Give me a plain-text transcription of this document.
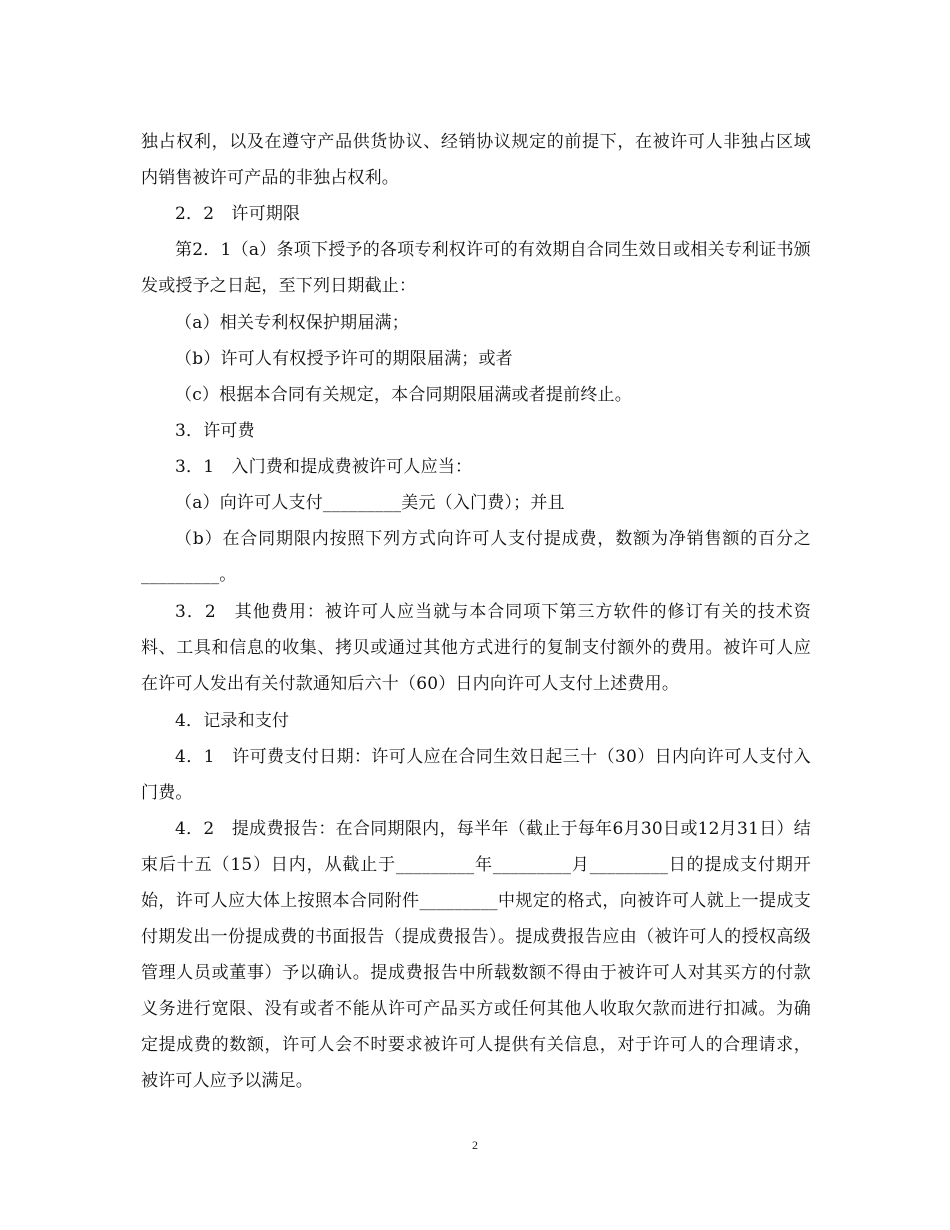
独占权利，以及在遵守产品供货协议、经销协议规定的前提下，在被许可人非独占区域内销售被许可产品的非独占权利。

2．2　许可期限

第2．1（a）条项下授予的各项专利权许可的有效期自合同生效日或相关专利证书颁发或授予之日起，至下列日期截止：

（a）相关专利权保护期届满；

（b）许可人有权授予许可的期限届满；或者

（c）根据本合同有关规定，本合同期限届满或者提前终止。

3．许可费

3．1　入门费和提成费被许可人应当：

（a）向许可人支付_________美元（入门费）；并且

（b）在合同期限内按照下列方式向许可人支付提成费，数额为净销售额的百分之_________。

3．2　其他费用：被许可人应当就与本合同项下第三方软件的修订有关的技术资料、工具和信息的收集、拷贝或通过其他方式进行的复制支付额外的费用。被许可人应在许可人发出有关付款通知后六十（60）日内向许可人支付上述费用。

4．记录和支付

4．1　许可费支付日期：许可人应在合同生效日起三十（30）日内向许可人支付入门费。

4．2　提成费报告：在合同期限内，每半年（截止于每年6月30日或12月31日）结束后十五（15）日内，从截止于_________年_________月_________日的提成支付期开始，许可人应大体上按照本合同附件_________中规定的格式，向被许可人就上一提成支付期发出一份提成费的书面报告（提成费报告）。提成费报告应由（被许可人的授权高级管理人员或董事）予以确认。提成费报告中所载数额不得由于被许可人对其买方的付款义务进行宽限、没有或者不能从许可产品买方或任何其他人收取欠款而进行扣减。为确定提成费的数额，许可人会不时要求被许可人提供有关信息，对于许可人的合理请求，被许可人应予以满足。

2
